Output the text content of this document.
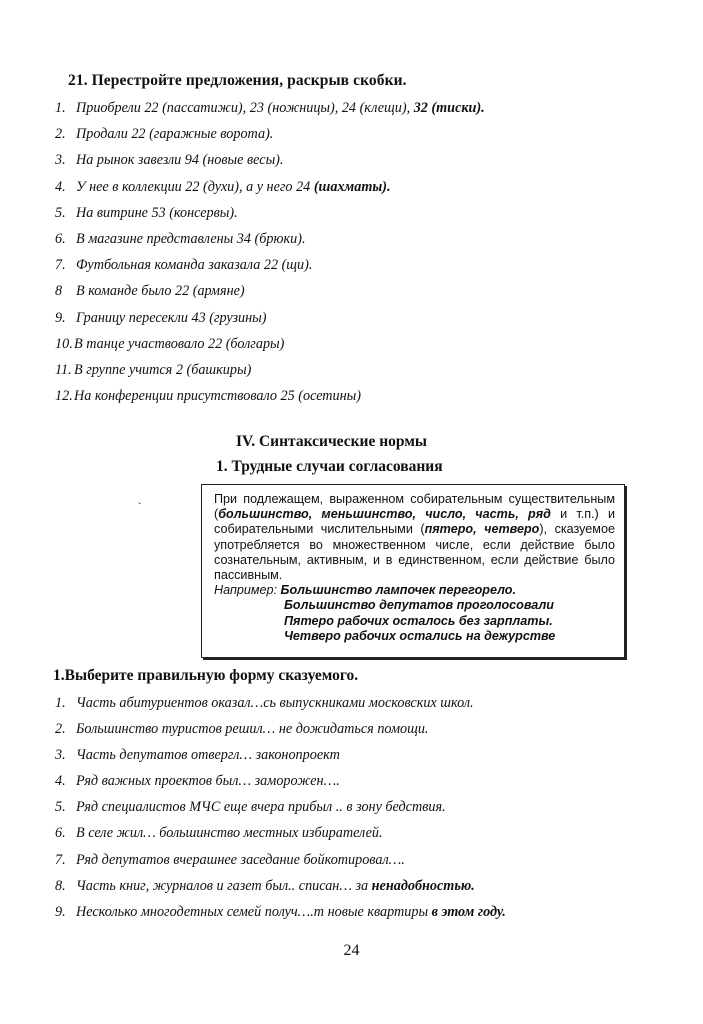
21. Перестройте предложения, раскрыв скобки.
1. Приобрели 22 (пассатижи), 23 (ножницы), 24 (клещи), 32 (тиски).
2. Продали 22 (гаражные ворота).
3. На рынок завезли 94 (новые весы).
4. У нее в коллекции 22 (духи), а у него 24 (шахматы).
5. На витрине 53 (консервы).
6. В магазине представлены 34 (брюки).
7. Футбольная команда заказала 22 (щи).
8 В команде было 22 (армяне)
9. Границу пересекли 43 (грузины)
10.В танце участвовало 22 (болгары)
11. В группе учится 2 (башкиры)
12.На конференции присутствовало 25 (осетины)
IV. Синтаксические нормы
1. Трудные случаи согласования
ˇ

При подлежащем, выраженном собирательным существительным (большинство, меньшинство, число, часть, ряд и т.п.) и собирательными числительными (пятеро, четверо), сказуемое употребляется во множественном числе, если действие было сознательным, активным, и в единственном, если действие было пассивным.

Например: Большинство лампочек перегорело.
Большинство депутатов проголосовали
Пятеро рабочих осталось без зарплаты.
Четверо рабочих остались на дежурстве

1.Выберите правильную форму сказуемого.
1. Часть абитуриентов оказал…сь выпускниками московских школ.
2. Большинство туристов решил… не дожидаться помощи.
3. Часть депутатов отвергл… законопроект
4. Ряд важных проектов был… заморожен….
5. Ряд специалистов МЧС еще вчера прибыл .. в зону бедствия.
6. В селе жил… большинство местных избирателей.
7. Ряд депутатов вчерашнее заседание бойкотировал….
8. Часть книг, журналов и газет был.. списан… за ненадобностью.
9. Несколько многодетных семей получ….т новые квартиры в этом году.
24
